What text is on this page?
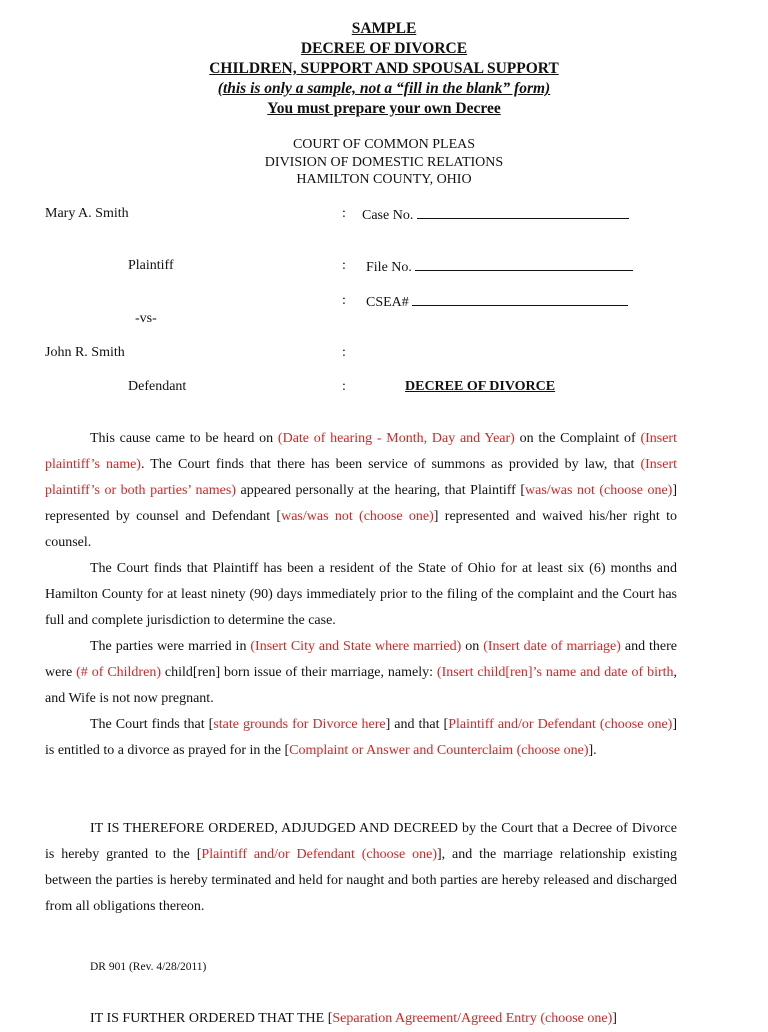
SAMPLE
DECREE OF DIVORCE
CHILDREN, SUPPORT AND SPOUSAL SUPPORT
(this is only a sample, not a “fill in the blank” form)
You must prepare your own Decree
COURT OF COMMON PLEAS
DIVISION OF DOMESTIC RELATIONS
HAMILTON COUNTY, OHIO
Mary A. Smith	: Case No.
Plaintiff	: File No.
: CSEA#
-vs-
John R. Smith	:
Defendant	:	DECREE OF DIVORCE

This cause came to be heard on (Date of hearing - Month, Day and Year) on the Complaint of (Insert plaintiff’s name). The Court finds that there has been service of summons as provided by law, that (Insert plaintiff’s or both parties’ names) appeared personally at the hearing, that Plaintiff [was/was not (choose one)] represented by counsel and Defendant [was/was not (choose one)] represented and waived his/her right to counsel.

The Court finds that Plaintiff has been a resident of the State of Ohio for at least six (6) months and Hamilton County for at least ninety (90) days immediately prior to the filing of the complaint and the Court has full and complete jurisdiction to determine the case.

The parties were married in (Insert City and State where married) on (Insert date of marriage) and there were (# of Children) child[ren] born issue of their marriage, namely: (Insert child[ren]’s name and date of birth, and Wife is not now pregnant.

The Court finds that [state grounds for Divorce here] and that [Plaintiff and/or Defendant (choose one)] is entitled to a divorce as prayed for in the [Complaint or Answer and Counterclaim (choose one)].

IT IS THEREFORE ORDERED, ADJUDGED AND DECREED by the Court that a Decree of Divorce is hereby granted to the [Plaintiff and/or Defendant (choose one)], and the marriage relationship existing between the parties is hereby terminated and held for naught and both parties are hereby released and discharged from all obligations thereon.

DR 901 (Rev. 4/28/2011)

IT IS FURTHER ORDERED THAT THE [Separation Agreement/Agreed Entry (choose one)]
